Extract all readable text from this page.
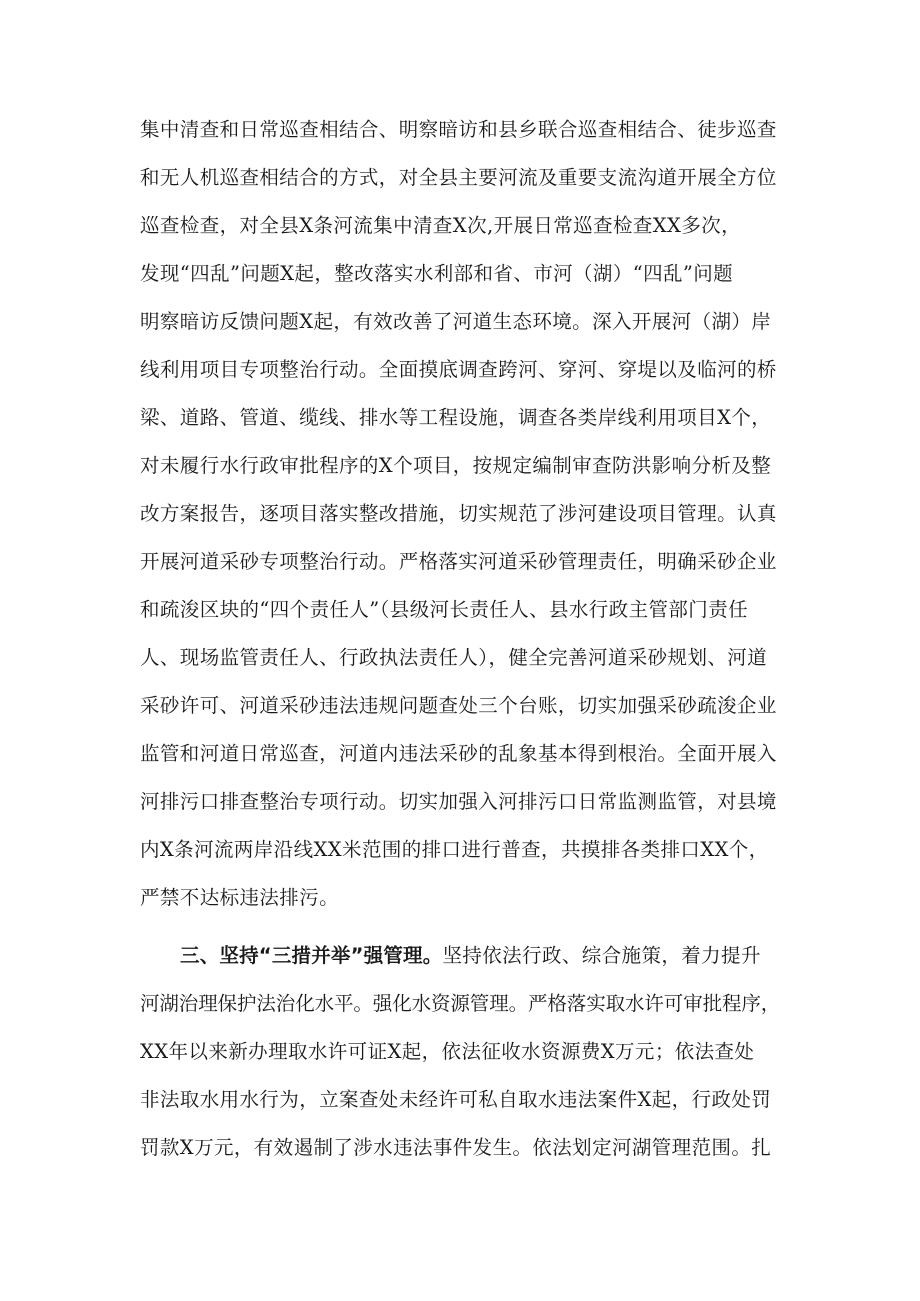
集中清查和日常巡查相结合、明察暗访和县乡联合巡查相结合、徒步巡查
和无人机巡查相结合的方式，对全县主要河流及重要支流沟道开展全方位
巡查检查，对全县X条河流集中清查X次,开展日常巡查检查XX多次，
发现“四乱”问题X起，整改落实水利部和省、市河（湖）“四乱”问题
明察暗访反馈问题X起，有效改善了河道生态环境。深入开展河（湖）岸
线利用项目专项整治行动。全面摸底调查跨河、穿河、穿堤以及临河的桥
梁、道路、管道、缆线、排水等工程设施，调查各类岸线利用项目X个，
对未履行水行政审批程序的X个项目，按规定编制审查防洪影响分析及整
改方案报告，逐项目落实整改措施，切实规范了涉河建设项目管理。认真
开展河道采砂专项整治行动。严格落实河道采砂管理责任，明确采砂企业
和疏浚区块的“四个责任人”（县级河长责任人、县水行政主管部门责任
人、现场监管责任人、行政执法责任人），健全完善河道采砂规划、河道
采砂许可、河道采砂违法违规问题查处三个台账，切实加强采砂疏浚企业
监管和河道日常巡查，河道内违法采砂的乱象基本得到根治。全面开展入
河排污口排查整治专项行动。切实加强入河排污口日常监测监管，对县境
内X条河流两岸沿线XX米范围的排口进行普查，共摸排各类排口XX个，
严禁不达标违法排污。
三、坚持“三措并举”强管理。坚持依法行政、综合施策，着力提升
河湖治理保护法治化水平。强化水资源管理。严格落实取水许可审批程序，
XX年以来新办理取水许可证X起，依法征收水资源费X万元；依法查处
非法取水用水行为，立案查处未经许可私自取水违法案件X起，行政处罚
罚款X万元，有效遏制了涉水违法事件发生。依法划定河湖管理范围。扎
